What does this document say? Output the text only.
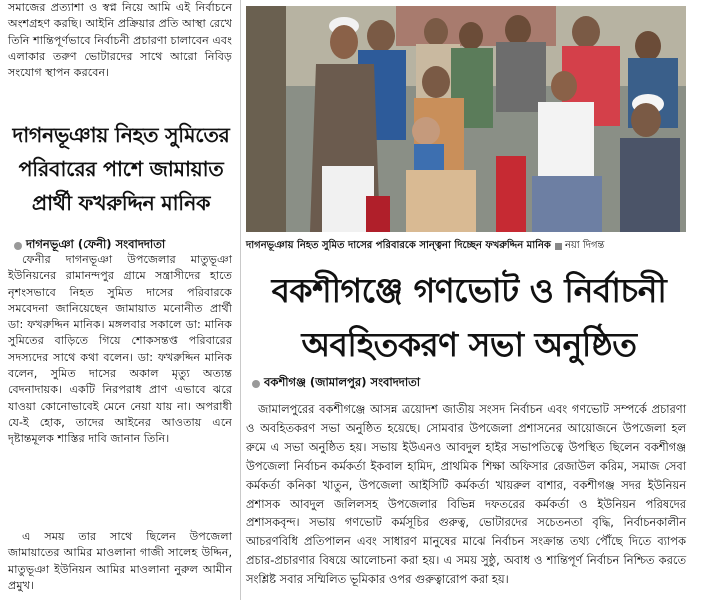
সমাজের প্রত্যাশা ও স্বপ্ন নিয়ে আমি এই নির্বাচনে অংশগ্রহণ করছি। আইনি প্রক্রিয়ার প্রতি আস্থা রেখে তিনি শান্তিপূর্ণভাবে নির্বাচনী প্রচারণা চালাবেন এবং এলাকার তরুণ ভোটারদের সাথে আরো নিবিড় সংযোগ স্থাপন করবেন।

দাগনভূঞায় নিহত সুমিতের পরিবারের পাশে জামায়াত প্রার্থী ফখরুদ্দিন মানিক
দাগনভূঞা (ফেনী) সংবাদদাতা

ফেনীর দাগনভূঞা উপজেলার মাতুভূঞা ইউনিয়নের রামানন্দপুর গ্রামে সন্ত্রাসীদের হাতে নৃশংসভাবে নিহত সুমিত দাসের পরিবারকে সমবেদনা জানিয়েছেন জামায়াত মনোনীত প্রার্থী ডা: ফখরুদ্দিন মানিক। মঙ্গলবার সকালে ডা: মানিক সুমিতের বাড়িতে গিয়ে শোকসন্তপ্ত পরিবারের সদস্যদের সাথে কথা বলেন। ডা: ফখরুদ্দিন মানিক বলেন, সুমিত দাসের অকাল মৃত্যু অত্যন্ত বেদনাদায়ক। একটি নিরপরাধ প্রাণ এভাবে ঝরে যাওয়া কোনোভাবেই মেনে নেয়া যায় না। অপরাধী যে-ই হোক, তাদের আইনের আওতায় এনে দৃষ্টান্তমূলক শাস্তির দাবি জানান তিনি।

এ সময় তার সাথে ছিলেন উপজেলা জামায়াতের আমির মাওলানা গাজী সালেহ উদ্দিন, মাতুভূঞা ইউনিয়ন আমির মাওলানা নুরুল আমীন প্রমুখ।

দাগনভূঞায় নিহত সুমিত দাসের পরিবারকে সান্ত্বনা দিচ্ছেন ফখরুদ্দিন মানিক নয়া দিগন্ত
বকশীগঞ্জে গণভোট ও নির্বাচনী
অবহিতকরণ সভা অনুষ্ঠিত
বকশীগঞ্জ (জামালপুর) সংবাদদাতা

জামালপুরের বকশীগঞ্জে আসন্ন ত্রয়োদশ জাতীয় সংসদ নির্বাচন এবং গণভোট সম্পর্কে প্রচারণা ও অবহিতকরণ সভা অনুষ্ঠিত হয়েছে। সোমবার উপজেলা প্রশাসনের আয়োজনে উপজেলা হল রুমে এ সভা অনুষ্ঠিত হয়। সভায় ইউএনও আবদুল হাইর সভাপতিত্বে উপস্থিত ছিলেন বকশীগঞ্জ উপজেলা নির্বাচন কর্মকর্তা ইকবাল হামিদ, প্রাথমিক শিক্ষা অফিসার রেজাউল করিম, সমাজ সেবা কর্মকর্তা কনিকা খাতুন, উপজেলা আইসিটি কর্মকর্তা খায়রুল বাশার, বকশীগঞ্জ সদর ইউনিয়ন প্রশাসক আবদুল জলিলসহ উপজেলার বিভিন্ন দফতরের কর্মকর্তা ও ইউনিয়ন পরিষদের প্রশাসকবৃন্দ। সভায় গণভোট কর্মসূচির গুরুত্ব, ভোটারদের সচেতনতা বৃদ্ধি, নির্বাচনকালীন আচরণবিধি প্রতিপালন এবং সাধারণ মানুষের মাঝে নির্বাচন সংক্রান্ত তথ্য পৌঁছে দিতে ব্যাপক প্রচার-প্রচারণার বিষয়ে আলোচনা করা হয়। এ সময় সুষ্ঠু, অবাধ ও শান্তিপূর্ণ নির্বাচন নিশ্চিত করতে সংশ্লিষ্ট সবার সম্মিলিত ভূমিকার ওপর গুরুত্বারোপ করা হয়।
